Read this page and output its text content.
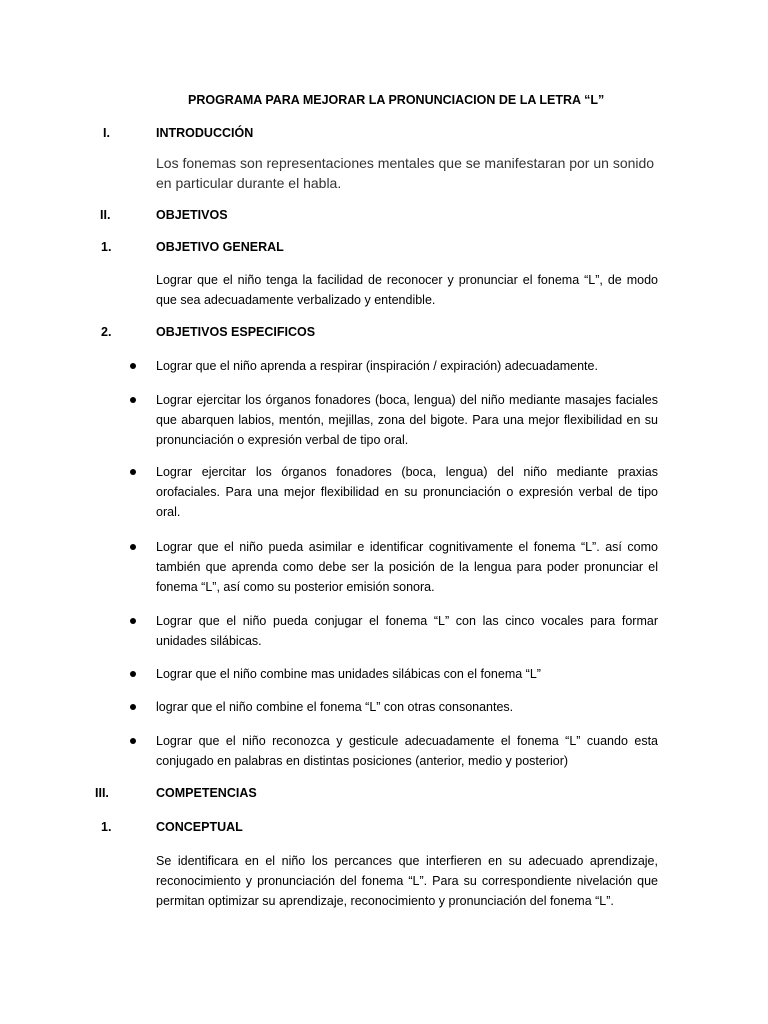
PROGRAMA PARA MEJORAR LA PRONUNCIACION DE LA LETRA “L”
I.	INTRODUCCIÓN
Los fonemas son representaciones mentales que se manifestaran por un sonido en particular durante el habla.
II.	OBJETIVOS
1.	OBJETIVO GENERAL
Lograr que el niño tenga la facilidad de reconocer y pronunciar el fonema “L”, de modo que sea adecuadamente verbalizado y entendible.
2.	OBJETIVOS ESPECIFICOS
Lograr que el niño aprenda a respirar (inspiración / expiración) adecuadamente.
Lograr ejercitar los órganos fonadores (boca, lengua) del niño mediante masajes faciales que abarquen labios, mentón, mejillas, zona del bigote. Para una mejor flexibilidad en su pronunciación o expresión verbal de tipo oral.
Lograr ejercitar los órganos fonadores (boca, lengua) del niño mediante praxias orofaciales. Para una mejor flexibilidad en su pronunciación o expresión verbal de tipo oral.
Lograr que el niño pueda asimilar e identificar cognitivamente el fonema “L”. así como también que aprenda como debe ser la posición de la lengua para poder pronunciar el fonema “L”, así como su posterior emisión sonora.
Lograr que el niño pueda conjugar el fonema “L” con las cinco vocales para formar unidades silábicas.
Lograr que el niño combine mas unidades silábicas con el fonema “L”
lograr que el niño combine el fonema “L” con otras consonantes.
Lograr que el niño reconozca y gesticule adecuadamente el fonema “L” cuando esta conjugado en palabras en distintas posiciones (anterior, medio y posterior)
III.	COMPETENCIAS
1.	CONCEPTUAL
Se identificara en el niño los percances que interfieren en su adecuado aprendizaje, reconocimiento y pronunciación del fonema “L”. Para su correspondiente nivelación que permitan optimizar su aprendizaje, reconocimiento y pronunciación del fonema “L”.
